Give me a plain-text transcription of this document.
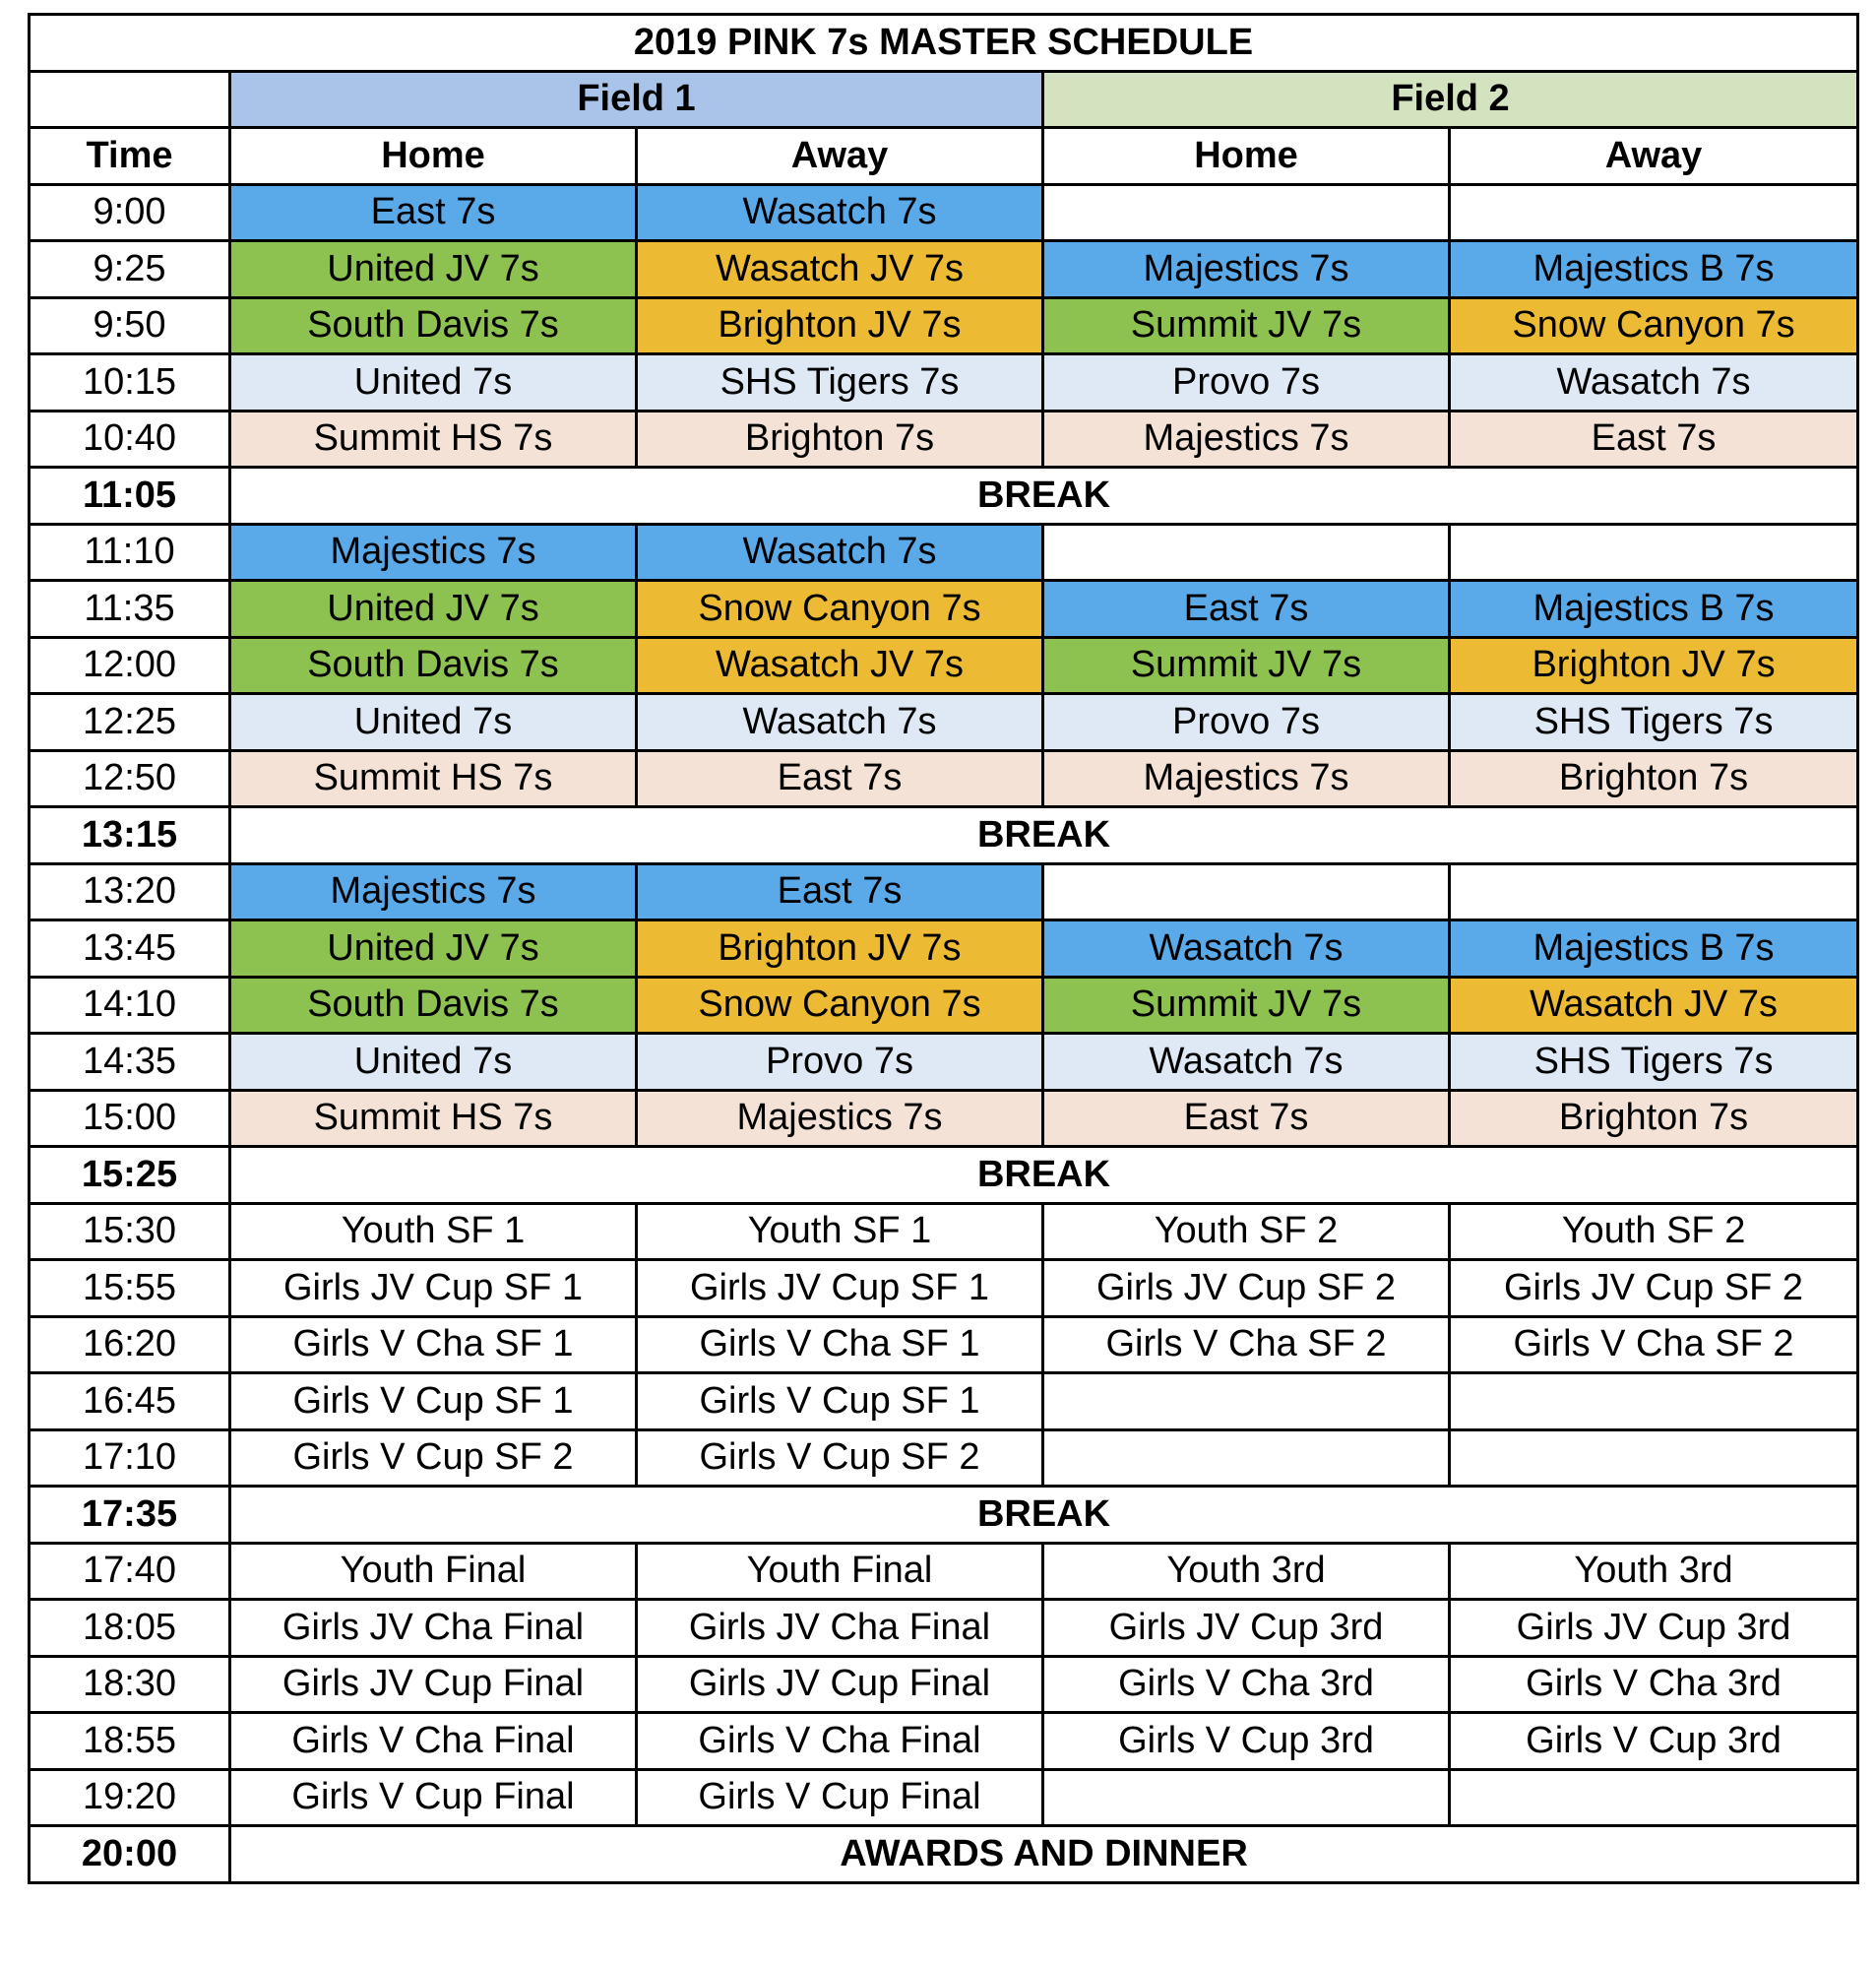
2019 PINK 7s MASTER SCHEDULE				
	Field 1		Field 2	
Time	Home	Away	Home	Away
9:00	East 7s	Wasatch 7s		
9:25	United JV 7s	Wasatch JV 7s	Majestics 7s	Majestics B 7s
9:50	South Davis 7s	Brighton JV 7s	Summit JV 7s	Snow Canyon 7s
10:15	United 7s	SHS Tigers 7s	Provo 7s	Wasatch 7s
10:40	Summit HS 7s	Brighton 7s	Majestics 7s	East 7s
11:05	BREAK			
11:10	Majestics 7s	Wasatch 7s		
11:35	United JV 7s	Snow Canyon 7s	East 7s	Majestics B 7s
12:00	South Davis 7s	Wasatch JV 7s	Summit JV 7s	Brighton JV 7s
12:25	United 7s	Wasatch 7s	Provo 7s	SHS Tigers 7s
12:50	Summit HS 7s	East 7s	Majestics 7s	Brighton 7s
13:15	BREAK			
13:20	Majestics 7s	East 7s		
13:45	United JV 7s	Brighton JV 7s	Wasatch 7s	Majestics B 7s
14:10	South Davis 7s	Snow Canyon 7s	Summit JV 7s	Wasatch JV 7s
14:35	United 7s	Provo 7s	Wasatch 7s	SHS Tigers 7s
15:00	Summit HS 7s	Majestics 7s	East 7s	Brighton 7s
15:25	BREAK			
15:30	Youth SF 1	Youth SF 1	Youth SF 2	Youth SF 2
15:55	Girls JV Cup SF 1	Girls JV Cup SF 1	Girls JV Cup SF 2	Girls JV Cup SF 2
16:20	Girls V Cha SF 1	Girls V Cha SF 1	Girls V Cha SF 2	Girls V Cha SF 2
16:45	Girls V Cup SF 1	Girls V Cup SF 1		
17:10	Girls V Cup SF 2	Girls V Cup SF 2		
17:35	BREAK			
17:40	Youth Final	Youth Final	Youth 3rd	Youth 3rd
18:05	Girls JV Cha Final	Girls JV Cha Final	Girls JV Cup 3rd	Girls JV Cup 3rd
18:30	Girls JV Cup Final	Girls JV Cup Final	Girls V Cha 3rd	Girls V Cha 3rd
18:55	Girls V Cha Final	Girls V Cha Final	Girls V Cup 3rd	Girls V Cup 3rd
19:20	Girls V Cup Final	Girls V Cup Final		
20:00	AWARDS AND DINNER			
